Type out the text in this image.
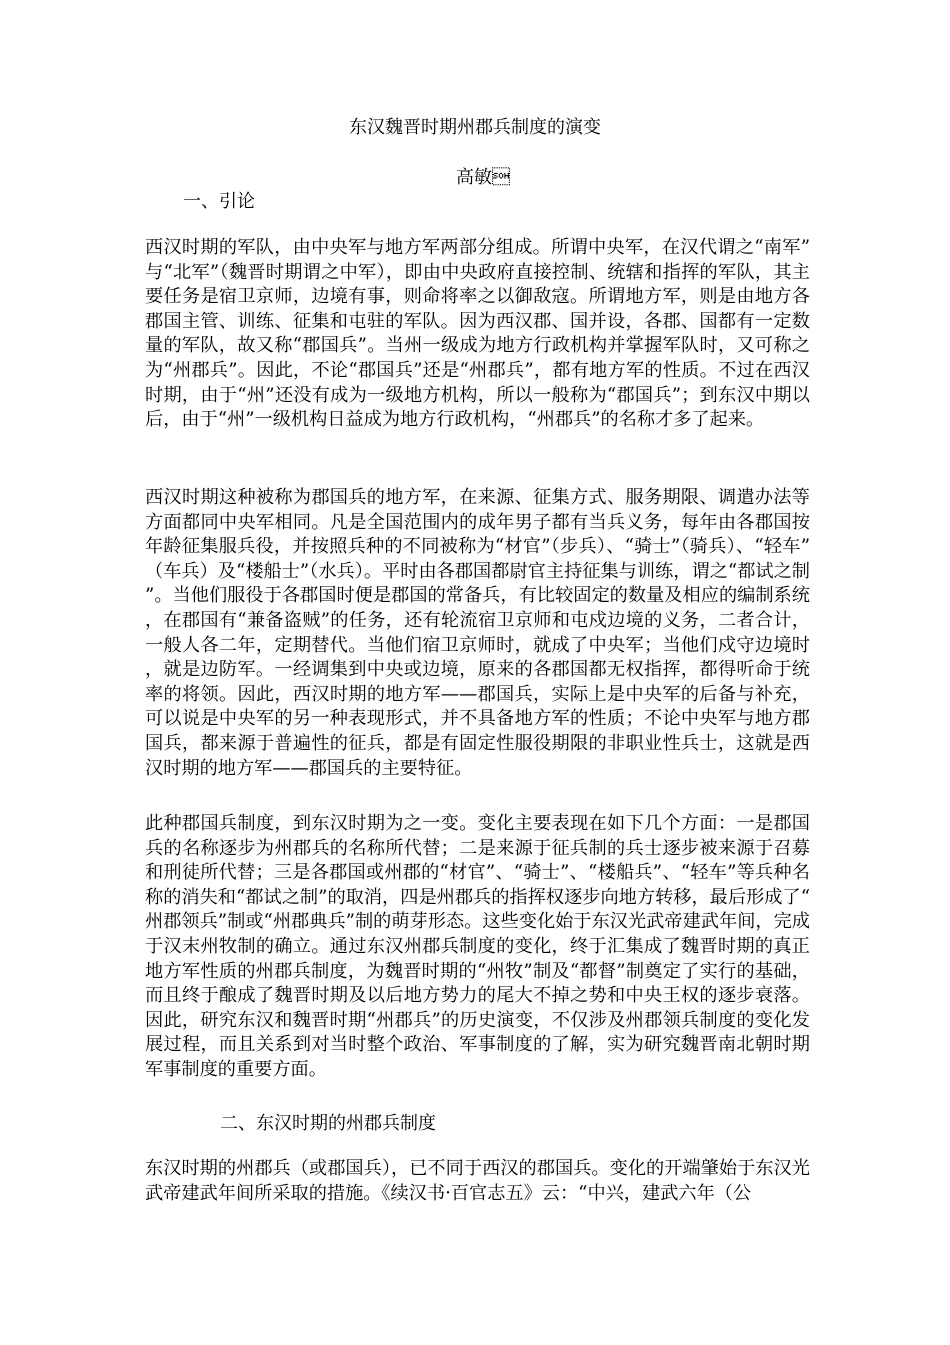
东汉魏晋时期州郡兵制度的演变
高敏
一、引论

西汉时期的军队，由中央军与地方军两部分组成。所谓中央军，在汉代谓之“南军”与“北军”（魏晋时期谓之中军），即由中央政府直接控制、统辖和指挥的军队，其主要任务是宿卫京师，边境有事，则命将率之以御敌寇。所谓地方军，则是由地方各郡国主管、训练、征集和屯驻的军队。因为西汉郡、国并设，各郡、国都有一定数量的军队，故又称“郡国兵”。当州一级成为地方行政机构并掌握军队时，又可称之为“州郡兵”。因此，不论“郡国兵”还是“州郡兵”，都有地方军的性质。不过在西汉时期，由于“州”还没有成为一级地方机构，所以一般称为“郡国兵”；到东汉中期以后，由于“州”一级机构日益成为地方行政机构，“州郡兵”的名称才多了起来。

西汉时期这种被称为郡国兵的地方军，在来源、征集方式、服务期限、调遣办法等方面都同中央军相同。凡是全国范围内的成年男子都有当兵义务，每年由各郡国按年龄征集服兵役，并按照兵种的不同被称为“材官”（步兵）、“骑士”（骑兵）、“轻车”（车兵）及“楼船士”（水兵）。平时由各郡国都尉官主持征集与训练，谓之“都试之制”。当他们服役于各郡国时便是郡国的常备兵，有比较固定的数量及相应的编制系统，在郡国有“兼备盗贼”的任务，还有轮流宿卫京师和屯戍边境的义务，二者合计，一般人各二年，定期替代。当他们宿卫京师时，就成了中央军；当他们戍守边境时，就是边防军。一经调集到中央或边境，原来的各郡国都无权指挥，都得听命于统率的将领。因此，西汉时期的地方军——郡国兵，实际上是中央军的后备与补充，可以说是中央军的另一种表现形式，并不具备地方军的性质；不论中央军与地方郡国兵，都来源于普遍性的征兵，都是有固定性服役期限的非职业性兵士，这就是西汉时期的地方军——郡国兵的主要特征。

此种郡国兵制度，到东汉时期为之一变。变化主要表现在如下几个方面：一是郡国兵的名称逐步为州郡兵的名称所代替；二是来源于征兵制的兵士逐步被来源于召募和刑徒所代替；三是各郡国或州郡的“材官”、“骑士”、“楼船兵”、“轻车”等兵种名称的消失和“都试之制”的取消，四是州郡兵的指挥权逐步向地方转移，最后形成了“州郡领兵”制或“州郡典兵”制的萌芽形态。这些变化始于东汉光武帝建武年间，完成于汉末州牧制的确立。通过东汉州郡兵制度的变化，终于汇集成了魏晋时期的真正地方军性质的州郡兵制度，为魏晋时期的“州牧”制及“都督”制奠定了实行的基础，而且终于酿成了魏晋时期及以后地方势力的尾大不掉之势和中央王权的逐步衰落。因此，研究东汉和魏晋时期“州郡兵”的历史演变，不仅涉及州郡领兵制度的变化发展过程，而且关系到对当时整个政治、军事制度的了解，实为研究魏晋南北朝时期军事制度的重要方面。

二、东汉时期的州郡兵制度

东汉时期的州郡兵（或郡国兵），已不同于西汉的郡国兵。变化的开端肇始于东汉光武帝建武年间所采取的措施。《续汉书·百官志五》云：“中兴，建武六年（公
